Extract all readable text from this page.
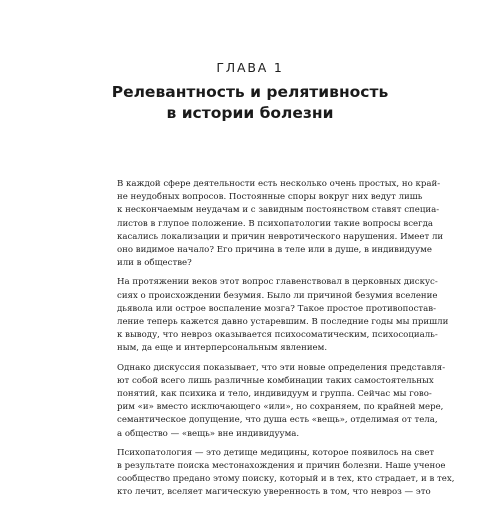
ГЛАВА 1
Релевантность и релятивность
в истории болезни
В каждой сфере деятельности есть несколько очень простых, но край-
не неудобных вопросов. Постоянные споры вокруг них ведут лишь
к нескончаемым неудачам и с завидным постоянством ставят специа-
листов в глупое положение. В психопатологии такие вопросы всегда
касались локализации и причин невротического нарушения. Имеет ли
оно видимое начало? Его причина в теле или в душе, в индивидууме
или в обществе?
На протяжении веков этот вопрос главенствовал в церковных дискус-
сиях о происхождении безумия. Было ли причиной безумия вселение
дьявола или острое воспаление мозга? Такое простое противопостав-
ление теперь кажется давно устаревшим. В последние годы мы пришли
к выводу, что невроз оказывается психосоматическим, психосоциаль-
ным, да еще и интерперсональным явлением.
Однако дискуссия показывает, что эти новые определения представля-
ют собой всего лишь различные комбинации таких самостоятельных
понятий, как психика и тело, индивидуум и группа. Сейчас мы гово-
рим «и» вместо исключающего «или», но сохраняем, по крайней мере,
семантическое допущение, что душа есть «вещь», отделимая от тела,
а общество — «вещь» вне индивидуума.
Психопатология — это детище медицины, которое появилось на свет
в результате поиска местонахождения и причин болезни. Наше ученое
сообщество предано этому поиску, который и в тех, кто страдает, и в тех,
кто лечит, вселяет магическую уверенность в том, что невроз — это
